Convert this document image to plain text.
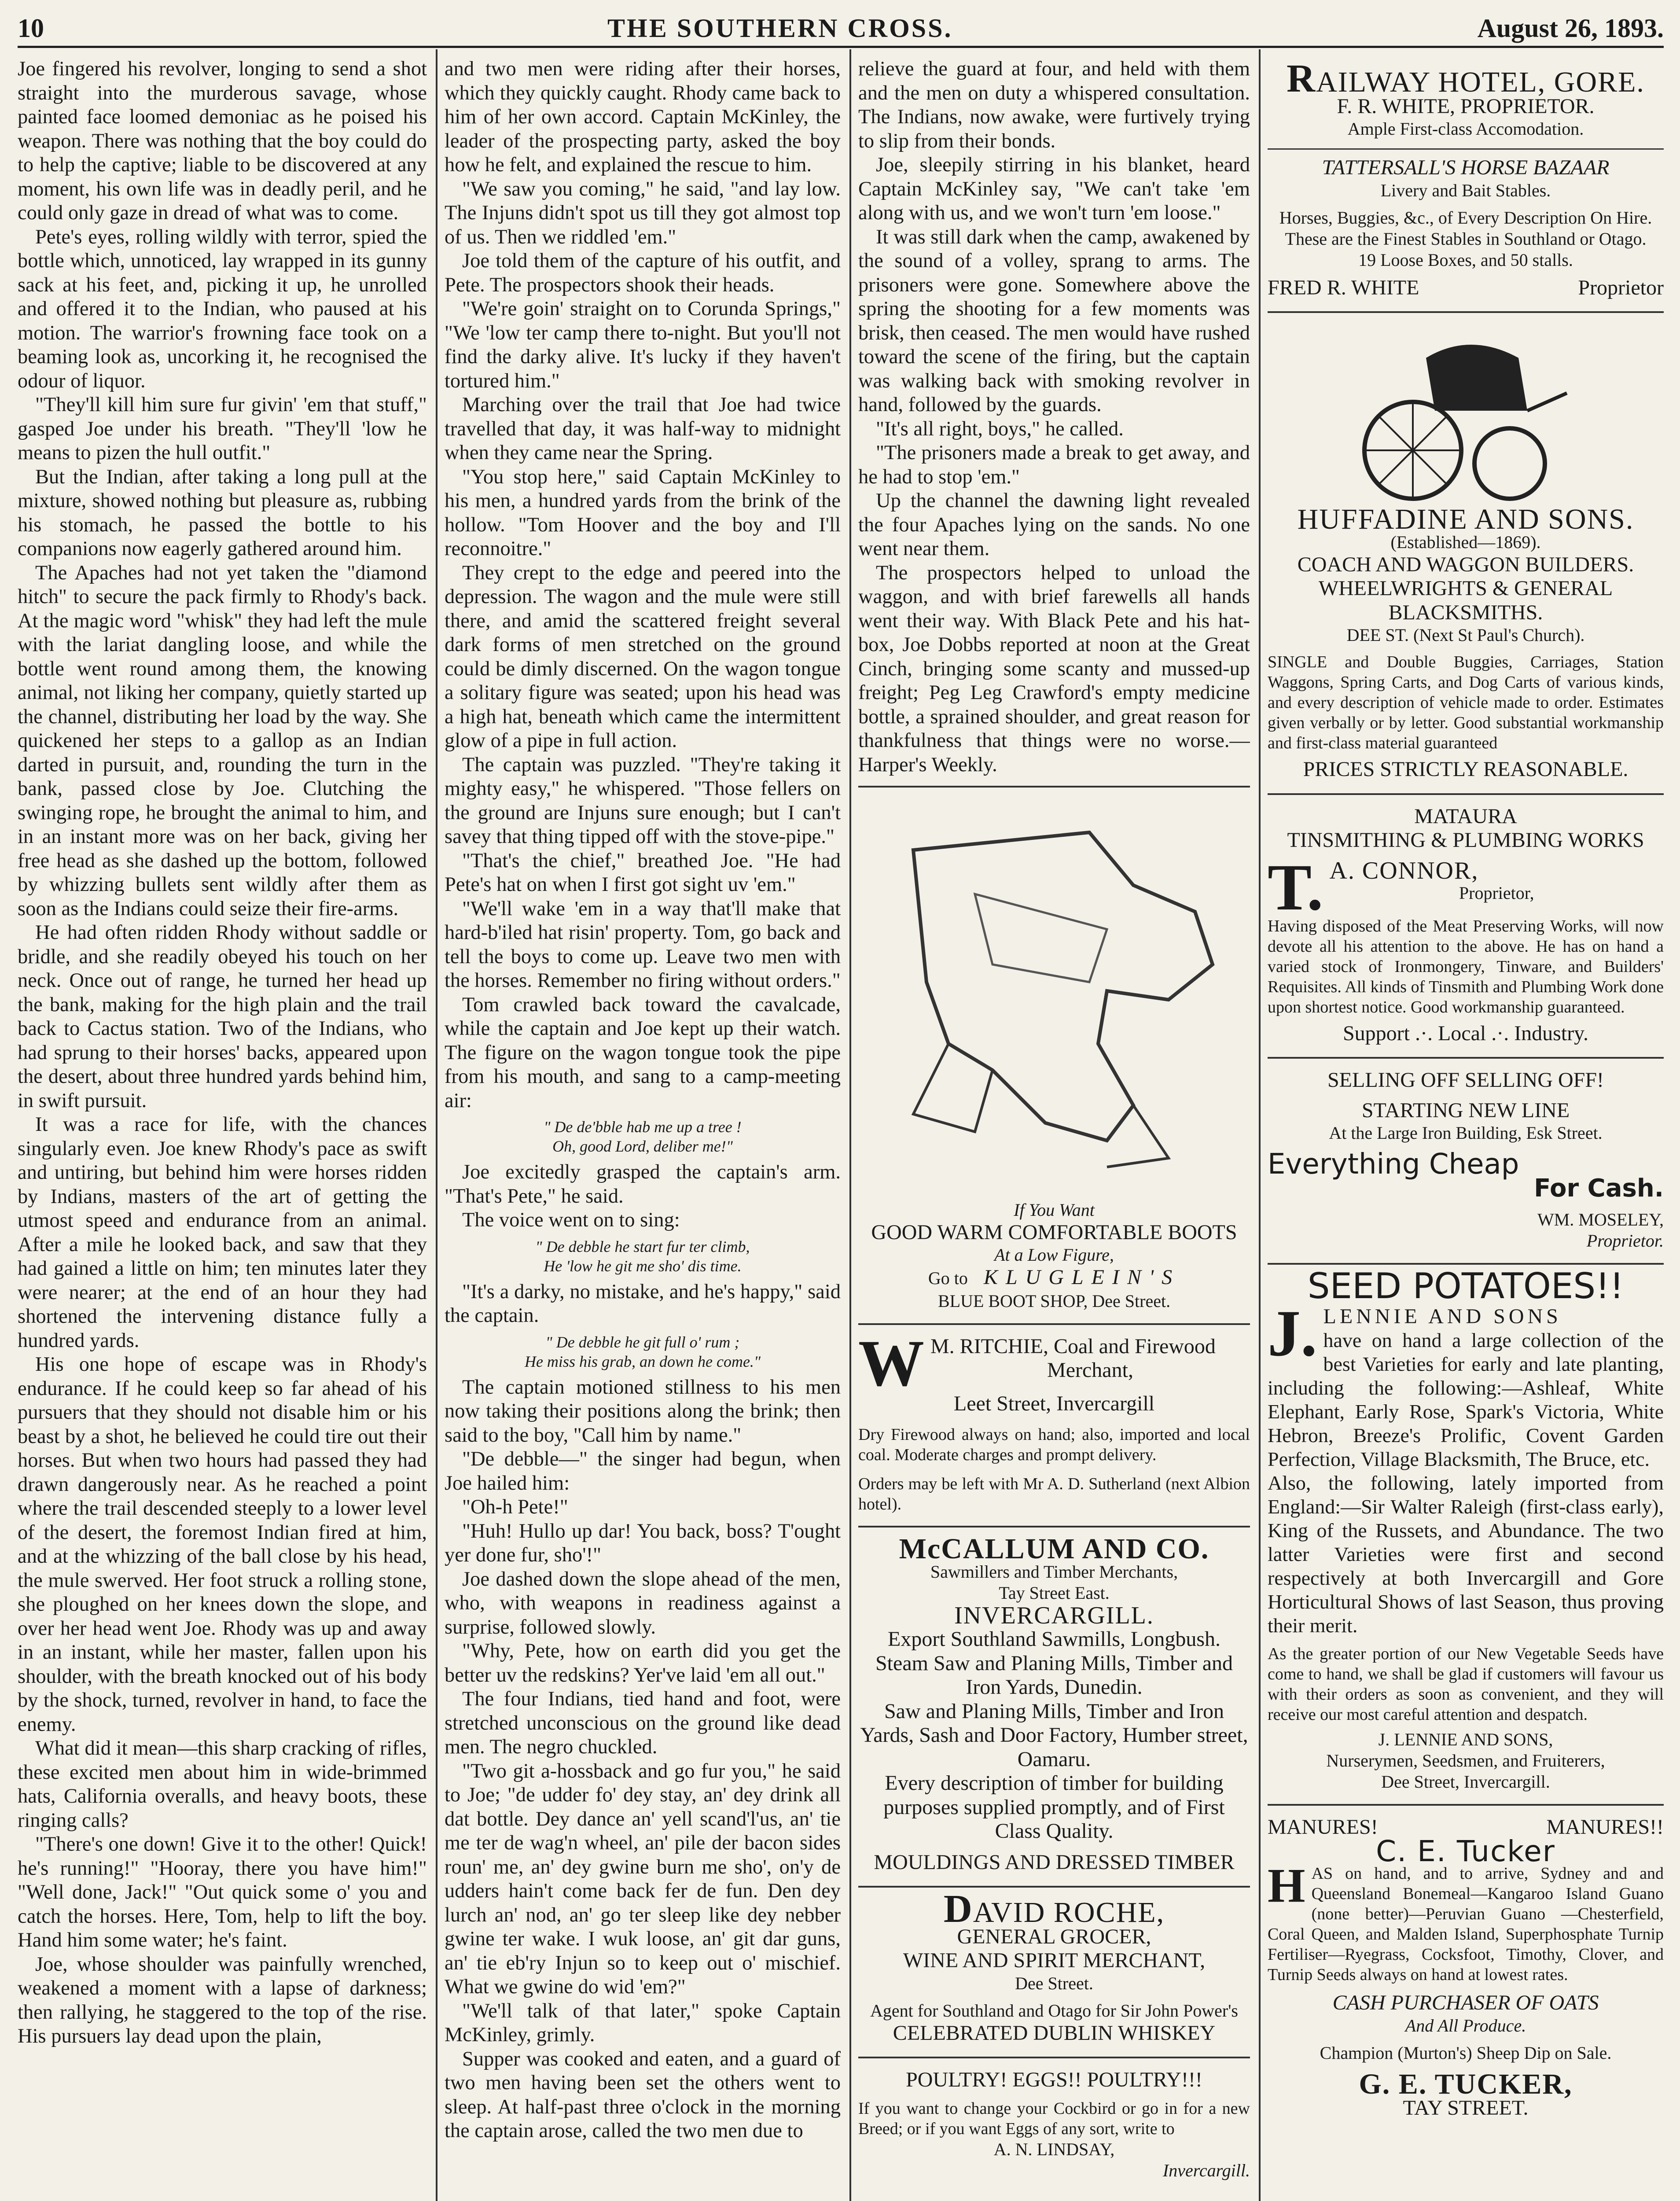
10	THE SOUTHERN CROSS.	August 26, 1893.

Joe fingered his revolver, longing to send a shot straight into the murderous savage, whose painted face loomed demoniac as he poised his weapon. There was nothing that the boy could do to help the captive; liable to be discovered at any moment, his own life was in deadly peril, and he could only gaze in dread of what was to come.

Pete's eyes, rolling wildly with terror, spied the bottle which, unnoticed, lay wrapped in its gunny sack at his feet, and, picking it up, he unrolled and offered it to the Indian, who paused at his motion. The warrior's frowning face took on a beaming look as, uncorking it, he recognised the odour of liquor.

"They'll kill him sure fur givin' 'em that stuff," gasped Joe under his breath. "They'll 'low he means to pizen the hull outfit."

But the Indian, after taking a long pull at the mixture, showed nothing but pleasure as, rubbing his stomach, he passed the bottle to his companions now eagerly gathered around him.

The Apaches had not yet taken the "diamond hitch" to secure the pack firmly to Rhody's back. At the magic word "whisk" they had left the mule with the lariat dangling loose, and while the bottle went round among them, the knowing animal, not liking her company, quietly started up the channel, distributing her load by the way. She quickened her steps to a gallop as an Indian darted in pursuit, and, rounding the turn in the bank, passed close by Joe. Clutching the swinging rope, he brought the animal to him, and in an instant more was on her back, giving her free head as she dashed up the bottom, followed by whizzing bullets sent wildly after them as soon as the Indians could seize their fire-arms.

He had often ridden Rhody without saddle or bridle, and she readily obeyed his touch on her neck. Once out of range, he turned her head up the bank, making for the high plain and the trail back to Cactus station. Two of the Indians, who had sprung to their horses' backs, appeared upon the desert, about three hundred yards behind him, in swift pursuit.

It was a race for life, with the chances singularly even. Joe knew Rhody's pace as swift and untiring, but behind him were horses ridden by Indians, masters of the art of getting the utmost speed and endurance from an animal. After a mile he looked back, and saw that they had gained a little on him; ten minutes later they were nearer; at the end of an hour they had shortened the intervening distance fully a hundred yards.

His one hope of escape was in Rhody's endurance. If he could keep so far ahead of his pursuers that they should not disable him or his beast by a shot, he believed he could tire out their horses. But when two hours had passed they had drawn dangerously near. As he reached a point where the trail descended steeply to a lower level of the desert, the foremost Indian fired at him, and at the whizzing of the ball close by his head, the mule swerved. Her foot struck a rolling stone, she ploughed on her knees down the slope, and over her head went Joe. Rhody was up and away in an instant, while her master, fallen upon his shoulder, with the breath knocked out of his body by the shock, turned, revolver in hand, to face the enemy.

What did it mean—this sharp cracking of rifles, these excited men about him in wide-brimmed hats, California overalls, and heavy boots, these ringing calls?

"There's one down! Give it to the other! Quick! he's running!" "Hooray, there you have him!" "Well done, Jack!" "Out quick some o' you and catch the horses. Here, Tom, help to lift the boy. Hand him some water; he's faint.

Joe, whose shoulder was painfully wrenched, weakened a moment with a lapse of darkness; then rallying, he staggered to the top of the rise. His pursuers lay dead upon the plain,

and two men were riding after their horses, which they quickly caught. Rhody came back to him of her own accord. Captain McKinley, the leader of the prospecting party, asked the boy how he felt, and explained the rescue to him.

"We saw you coming," he said, "and lay low. The Injuns didn't spot us till they got almost top of us. Then we riddled 'em."

Joe told them of the capture of his outfit, and Pete. The prospectors shook their heads.

"We're goin' straight on to Corunda Springs," "We 'low ter camp there to-night. But you'll not find the darky alive. It's lucky if they haven't tortured him."

Marching over the trail that Joe had twice travelled that day, it was half-way to midnight when they came near the Spring.

"You stop here," said Captain McKinley to his men, a hundred yards from the brink of the hollow. "Tom Hoover and the boy and I'll reconnoitre."

They crept to the edge and peered into the depression. The wagon and the mule were still there, and amid the scattered freight several dark forms of men stretched on the ground could be dimly discerned. On the wagon tongue a solitary figure was seated; upon his head was a high hat, beneath which came the intermittent glow of a pipe in full action.

The captain was puzzled. "They're taking it mighty easy," he whispered. "Those fellers on the ground are Injuns sure enough; but I can't savey that thing tipped off with the stove-pipe."

"That's the chief," breathed Joe. "He had Pete's hat on when I first got sight uv 'em."

"We'll wake 'em in a way that'll make that hard-b'iled hat risin' property. Tom, go back and tell the boys to come up. Leave two men with the horses. Remember no firing without orders."

Tom crawled back toward the cavalcade, while the captain and Joe kept up their watch. The figure on the wagon tongue took the pipe from his mouth, and sang to a camp-meeting air:

" De de'bble hab me up a tree !
Oh, good Lord, deliber me!"

Joe excitedly grasped the captain's arm. "That's Pete," he said.

The voice went on to sing:

" De debble he start fur ter climb,
He 'low he git me sho' dis time.

"It's a darky, no mistake, and he's happy," said the captain.

" De debble he git full o' rum ;
He miss his grab, an down he come."

The captain motioned stillness to his men now taking their positions along the brink; then said to the boy, "Call him by name."

"De debble—" the singer had begun, when Joe hailed him:

"Oh-h Pete!"

"Huh! Hullo up dar! You back, boss? T'ought yer done fur, sho'!"

Joe dashed down the slope ahead of the men, who, with weapons in readiness against a surprise, followed slowly.

"Why, Pete, how on earth did you get the better uv the redskins? Yer've laid 'em all out."

The four Indians, tied hand and foot, were stretched unconscious on the ground like dead men. The negro chuckled.

"Two git a-hossback and go fur you," he said to Joe; "de udder fo' dey stay, an' dey drink all dat bottle. Dey dance an' yell scand'l'us, an' tie me ter de wag'n wheel, an' pile der bacon sides roun' me, an' dey gwine burn me sho', on'y de udders hain't come back fer de fun. Den dey lurch an' nod, an' go ter sleep like dey nebber gwine ter wake. I wuk loose, an' git dar guns, an' tie eb'ry Injun so to keep out o' mischief. What we gwine do wid 'em?"

"We'll talk of that later," spoke Captain McKinley, grimly.

Supper was cooked and eaten, and a guard of two men having been set the others went to sleep. At half-past three o'clock in the morning the captain arose, called the two men due to

relieve the guard at four, and held with them and the men on duty a whispered consultation. The Indians, now awake, were furtively trying to slip from their bonds.

Joe, sleepily stirring in his blanket, heard Captain McKinley say, "We can't take 'em along with us, and we won't turn 'em loose."

It was still dark when the camp, awakened by the sound of a volley, sprang to arms. The prisoners were gone. Somewhere above the spring the shooting for a few moments was brisk, then ceased. The men would have rushed toward the scene of the firing, but the captain was walking back with smoking revolver in hand, followed by the guards.

"It's all right, boys," he called.

"The prisoners made a break to get away, and he had to stop 'em."

Up the channel the dawning light revealed the four Apaches lying on the sands. No one went near them.

The prospectors helped to unload the waggon, and with brief farewells all hands went their way. With Black Pete and his hat-box, Joe Dobbs reported at noon at the Great Cinch, bringing some scanty and mussed-up freight; Peg Leg Crawford's empty medicine bottle, a sprained shoulder, and great reason for thankfulness that things were no worse.—Harper's Weekly.

If You Want
GOOD WARM COMFORTABLE BOOTS
At a Low Figure,
Go to KLUGLEIN'S
BLUE BOOT SHOP, Dee Street.
W M. RITCHIE, Coal and Firewood
Merchant,
Leet Street, Invercargill
Dry Firewood always on hand; also, imported and local coal. Moderate charges and prompt delivery.
Orders may be left with Mr A. D. Sutherland (next Albion hotel).
McCALLUM AND CO.
Sawmillers and Timber Merchants,
Tay Street East.
INVERCARGILL.
Export Southland Sawmills, Longbush.
Steam Saw and Planing Mills, Timber and Iron Yards, Dunedin.
Saw and Planing Mills, Timber and Iron Yards, Sash and Door Factory, Humber street, Oamaru.
Every description of timber for building purposes supplied promptly, and of First Class Quality.
MOULDINGS AND DRESSED TIMBER
DAVID ROCHE,
GENERAL GROCER,
WINE AND SPIRIT MERCHANT,
Dee Street.
Agent for Southland and Otago for Sir John Power's
CELEBRATED DUBLIN WHISKEY
POULTRY! EGGS!! POULTRY!!!
If you want to change your Cockbird or go in for a new Breed; or if you want Eggs of any sort, write to
A. N. LINDSAY,
Invercargill.
RAILWAY HOTEL, GORE.
F. R. WHITE, PROPRIETOR.
Ample First-class Accomodation.
TATTERSALL'S HORSE BAZAAR
Livery and Bait Stables.
Horses, Buggies, &c., of Every Description On Hire. These are the Finest Stables in Southland or Otago.
19 Loose Boxes, and 50 stalls.
FRED R. WHITE	Proprietor
HUFFADINE AND SONS.
(Established—1869).
COACH AND WAGGON BUILDERS.
WHEELWRIGHTS & GENERAL
BLACKSMITHS.
DEE ST. (Next St Paul's Church).
SINGLE and Double Buggies, Carriages, Station Waggons, Spring Carts, and Dog Carts of various kinds, and every description of vehicle made to order. Estimates given verbally or by letter. Good substantial workmanship and first-class material guaranteed
PRICES STRICTLY REASONABLE.
MATAURA
TINSMITHING & PLUMBING WORKS
T. A. CONNOR,
Proprietor,
Having disposed of the Meat Preserving Works, will now devote all his attention to the above. He has on hand a varied stock of Ironmongery, Tinware, and Builders' Requisites. All kinds of Tinsmith and Plumbing Work done upon shortest notice. Good workmanship guaranteed.
Support .·. Local .·. Industry.
SELLING OFF SELLING OFF!
STARTING NEW LINE
At the Large Iron Building, Esk Street.
Everything Cheap
For Cash.
WM. MOSELEY,
Proprietor.
SEED POTATOES!!
J. LENNIE AND SONS
have on hand a large collection of the best Varieties for early and late planting, including the following:—Ashleaf, White Elephant, Early Rose, Spark's Victoria, White Hebron, Breeze's Prolific, Covent Garden Perfection, Village Blacksmith, The Bruce, etc.
Also, the following, lately imported from England:—Sir Walter Raleigh (first-class early), King of the Russets, and Abundance. The two latter Varieties were first and second respectively at both Invercargill and Gore Horticultural Shows of last Season, thus proving their merit.
As the greater portion of our New Vegetable Seeds have come to hand, we shall be glad if customers will favour us with their orders as soon as convenient, and they will receive our most careful attention and despatch.
J. LENNIE AND SONS,
Nurserymen, Seedsmen, and Fruiterers,
Dee Street, Invercargill.
MANURES!	MANURES!!
C. E. Tucker
H AS on hand, and to arrive, Sydney and and Queensland Bonemeal—Kangaroo Island Guano (none better)—Peruvian Guano —Chesterfield, Coral Queen, and Malden Island, Superphosphate Turnip Fertiliser—Ryegrass, Cocksfoot, Timothy, Clover, and Turnip Seeds always on hand at lowest rates.
CASH PURCHASER OF OATS
And All Produce.
Champion (Murton's) Sheep Dip on Sale.
G. E. TUCKER,
TAY STREET.
